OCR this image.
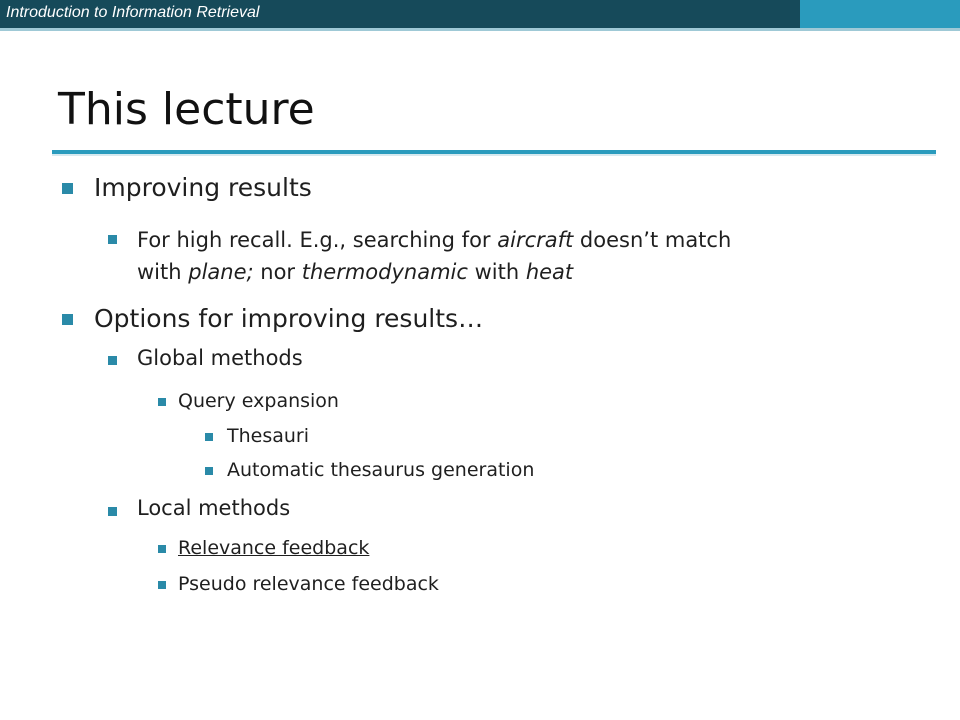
Introduction to Information Retrieval
This lecture
Improving results
For high recall. E.g., searching for aircraft doesn’t match
with plane; nor thermodynamic with heat
Options for improving results…
Global methods
Query expansion
Thesauri
Automatic thesaurus generation
Local methods
Relevance feedback
Pseudo relevance feedback
